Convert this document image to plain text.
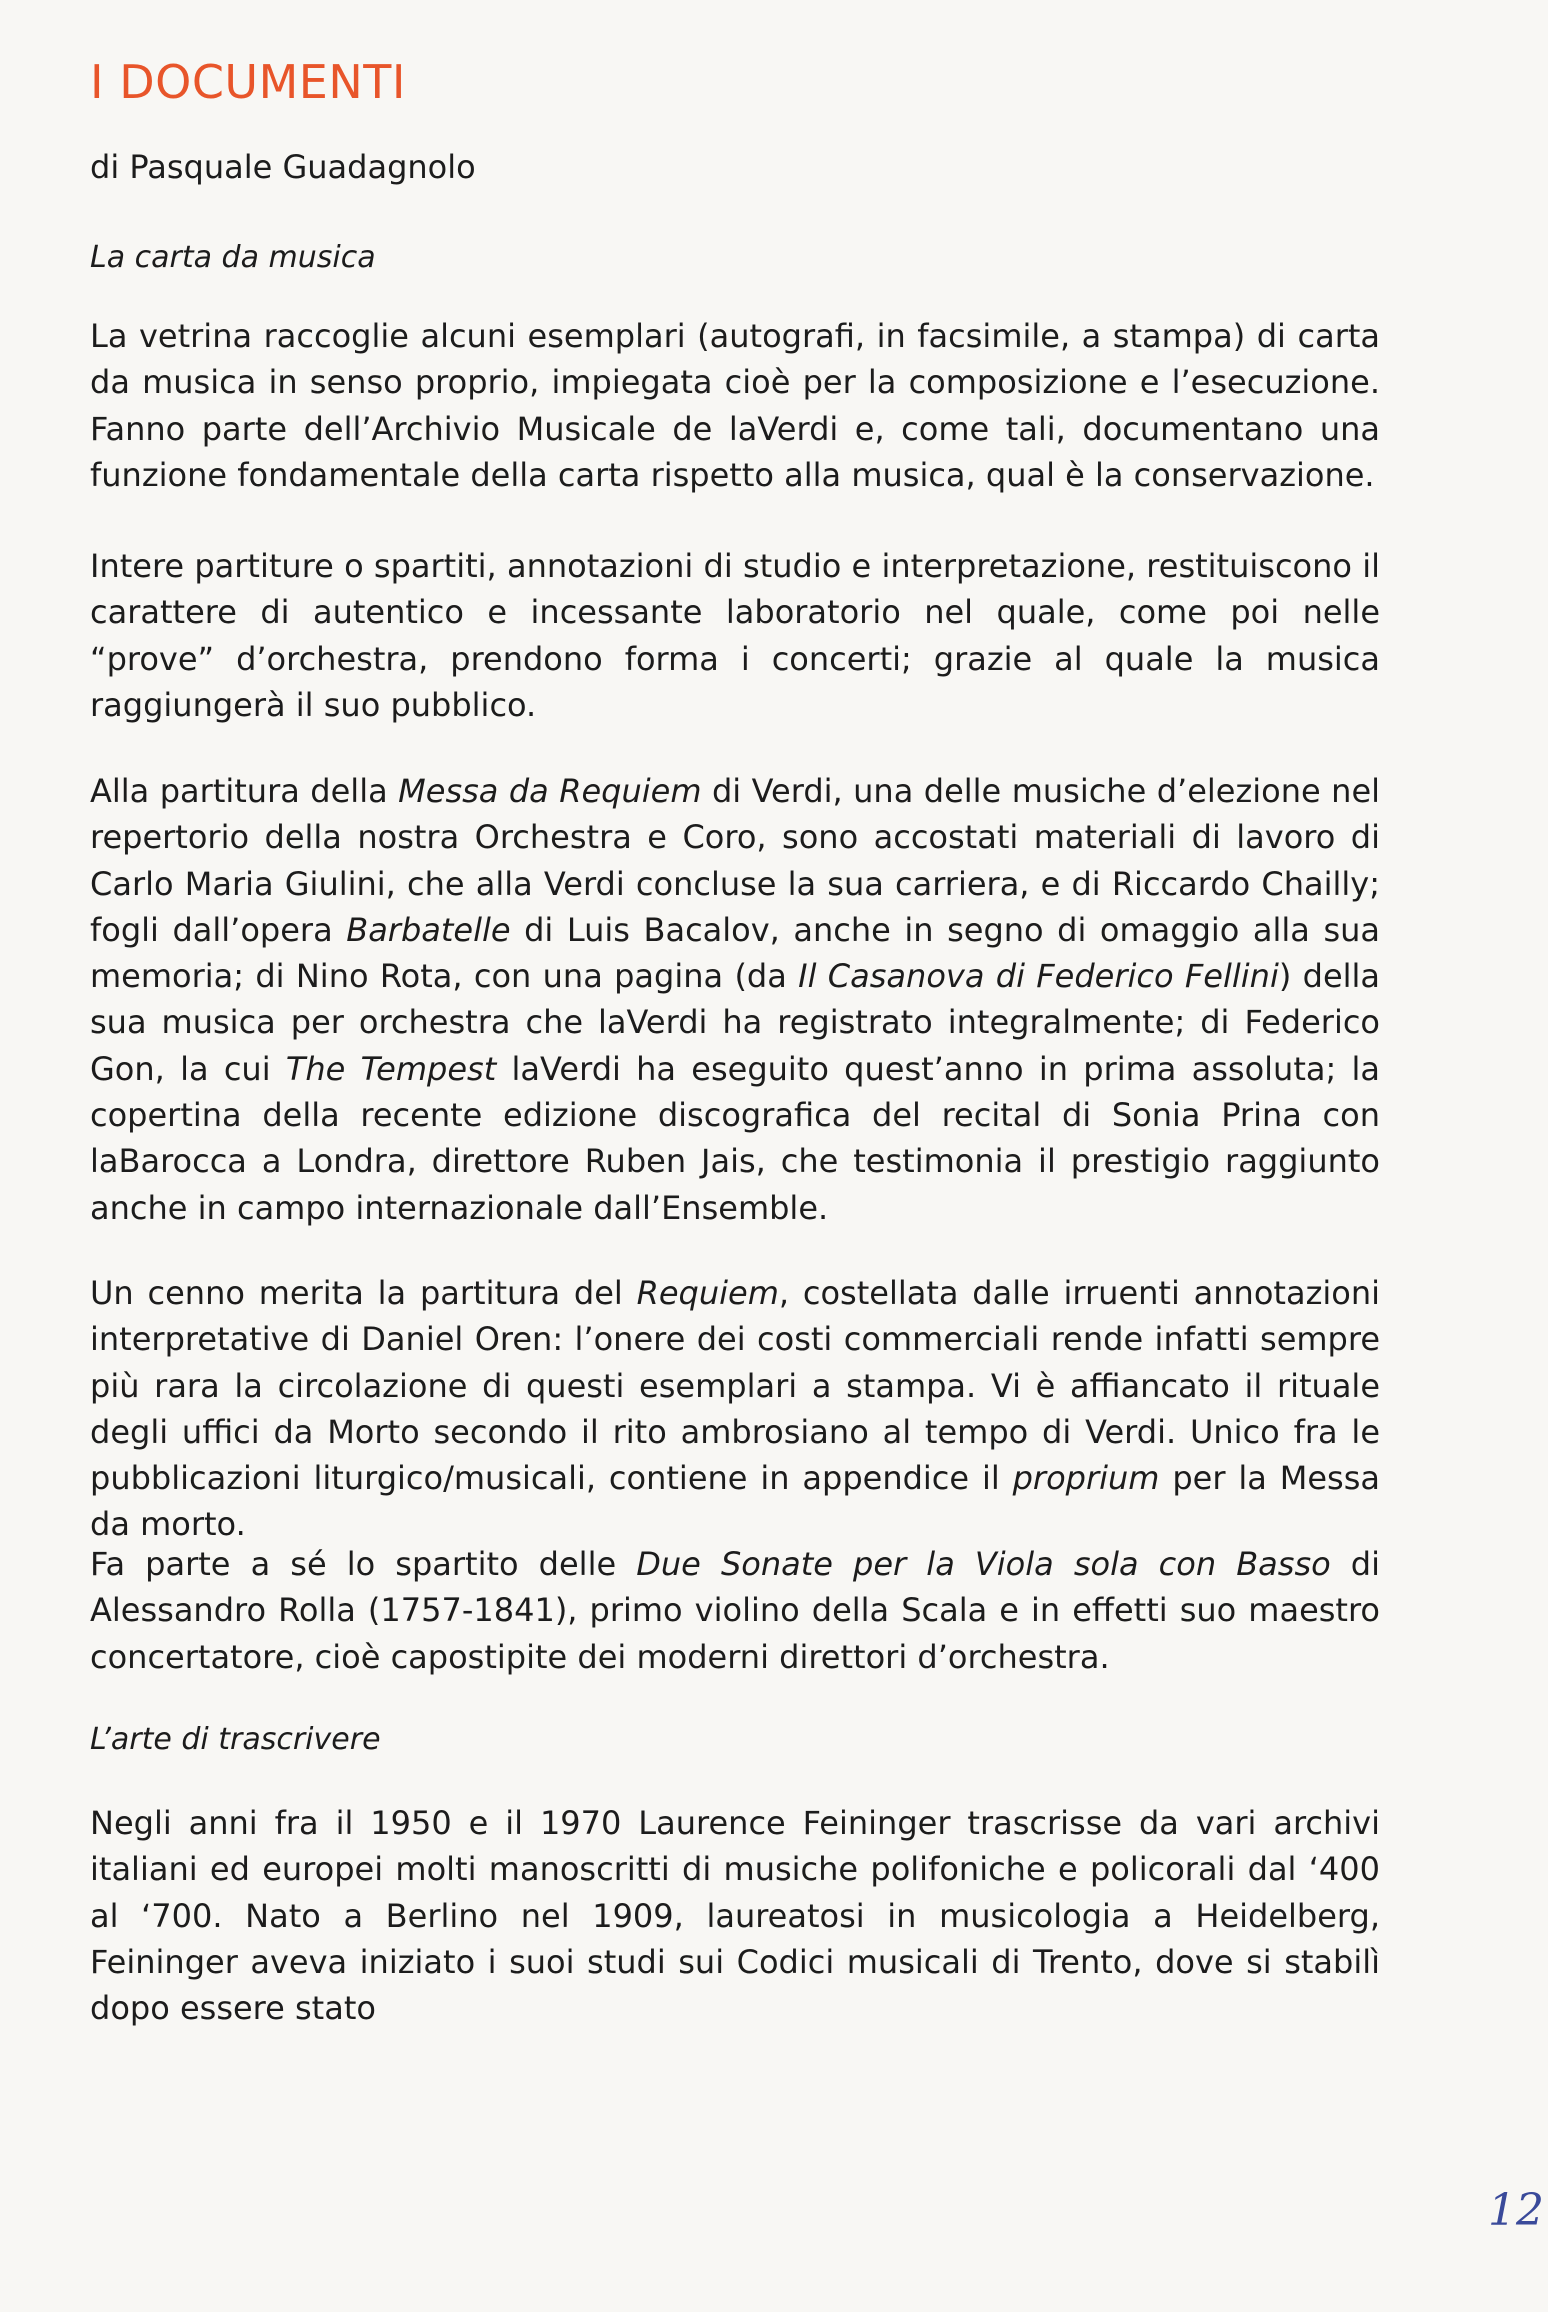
I DOCUMENTI
di Pasquale Guadagnolo
La carta da musica
La vetrina raccoglie alcuni esemplari (autografi, in facsimile, a stampa) di carta da musica in senso proprio, impiegata cioè per la composizione e l’esecuzione. Fanno parte dell’Archivio Musicale de laVerdi e, come tali, documentano una funzione fondamentale della carta rispetto alla musica, qual è la conservazione.
Intere partiture o spartiti, annotazioni di studio e interpretazione, restituiscono il carattere di autentico e incessante laboratorio nel quale, come poi nelle “prove” d’orchestra, prendono forma i concerti; grazie al quale la musica raggiungerà il suo pubblico.
Alla partitura della Messa da Requiem di Verdi, una delle musiche d’elezione nel repertorio della nostra Orchestra e Coro, sono accostati materiali di lavoro di Carlo Maria Giulini, che alla Verdi concluse la sua carriera, e di Riccardo Chailly; fogli dall’opera Barbatelle di Luis Bacalov, anche in segno di omaggio alla sua memoria; di Nino Rota, con una pagina (da Il Casanova di Federico Fellini) della sua musica per orchestra che laVerdi ha registrato integralmente; di Federico Gon, la cui The Tempest laVerdi ha eseguito quest’anno in prima assoluta; la copertina della recente edizione discografica del recital di Sonia Prina con laBarocca a Londra, direttore Ruben Jais, che testimonia il prestigio raggiunto anche in campo internazionale dall’Ensemble.
Un cenno merita la partitura del Requiem, costellata dalle irruenti annotazioni interpretative di Daniel Oren: l’onere dei costi commerciali rende infatti sempre più rara la circolazione di questi esemplari a stampa. Vi è affiancato il rituale degli uffici da Morto secondo il rito ambrosiano al tempo di Verdi. Unico fra le pubblicazioni liturgico/musicali, contiene in appendice il proprium per la Messa da morto.
Fa parte a sé lo spartito delle Due Sonate per la Viola sola con Basso di Alessandro Rolla (1757-1841), primo violino della Scala e in effetti suo maestro concertatore, cioè capostipite dei moderni direttori d’orchestra.
L’arte di trascrivere
Negli anni fra il 1950 e il 1970 Laurence Feininger trascrisse da vari archivi italiani ed europei molti manoscritti di musiche polifoniche e policorali dal ‘400 al ‘700. Nato a Berlino nel 1909, laureatosi in musicologia a Heidelberg, Feininger aveva iniziato i suoi studi sui Codici musicali di Trento, dove si stabilì dopo essere stato
12
